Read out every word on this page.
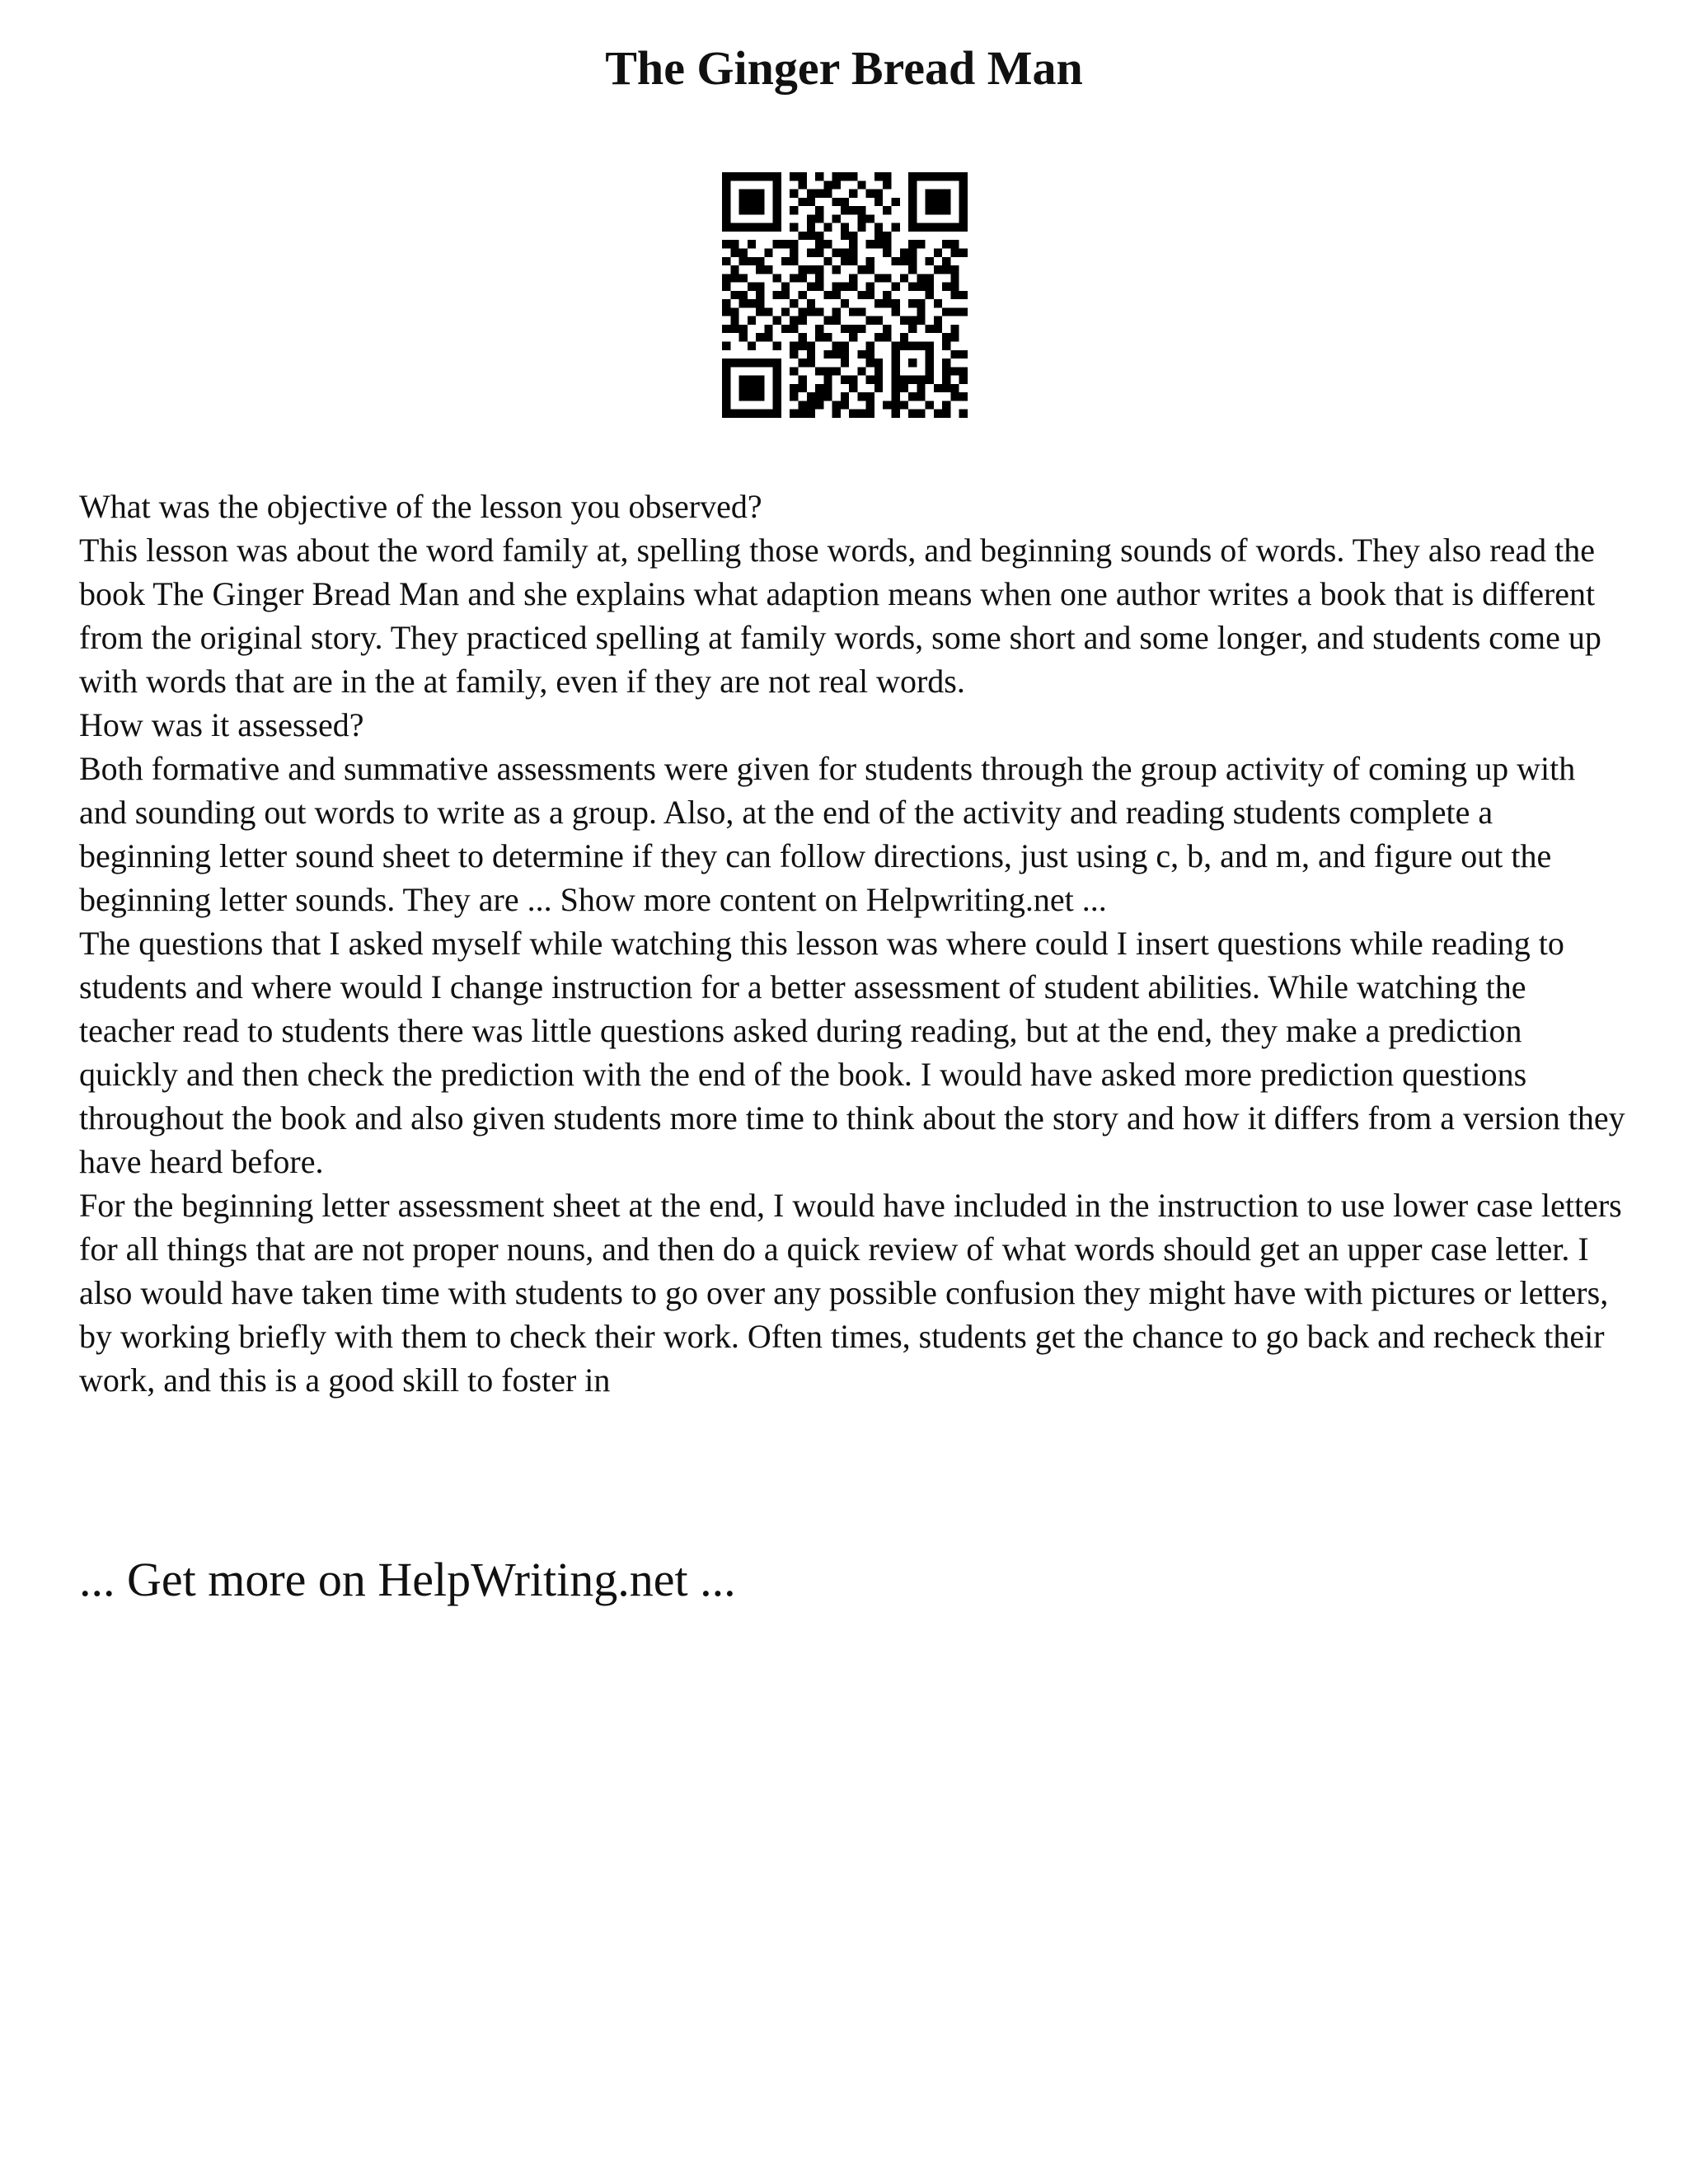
The Ginger Bread Man

What was the objective of the lesson you observed?

This lesson was about the word family at, spelling those words, and beginning sounds of words. They also read the book The Ginger Bread Man and she explains what adaption means when one author writes a book that is different from the original story. They practiced spelling at family words, some short and some longer, and students come up with words that are in the at family, even if they are not real words.

How was it assessed?

Both formative and summative assessments were given for students through the group activity of coming up with and sounding out words to write as a group. Also, at the end of the activity and reading students complete a beginning letter sound sheet to determine if they can follow directions, just using c, b, and m, and figure out the beginning letter sounds. They are ... Show more content on Helpwriting.net ...

The questions that I asked myself while watching this lesson was where could I insert questions while reading to students and where would I change instruction for a better assessment of student abilities. While watching the teacher read to students there was little questions asked during reading, but at the end, they make a prediction quickly and then check the prediction with the end of the book. I would have asked more prediction questions throughout the book and also given students more time to think about the story and how it differs from a version they have heard before.

For the beginning letter assessment sheet at the end, I would have included in the instruction to use lower case letters for all things that are not proper nouns, and then do a quick review of what words should get an upper case letter. I also would have taken time with students to go over any possible confusion they might have with pictures or letters, by working briefly with them to check their work. Often times, students get the chance to go back and recheck their work, and this is a good skill to foster in

... Get more on HelpWriting.net ...
